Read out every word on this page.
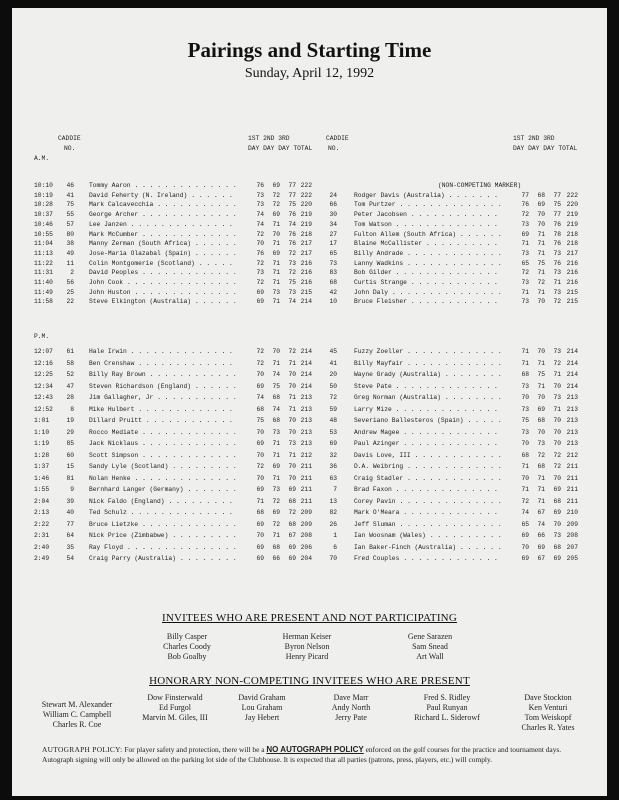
Pairings and Starting Time
Sunday, April 12, 1992
CADDIE
NO.
1ST 2ND 3RD
DAY DAY DAY TOTAL
CADDIE
NO.
1ST 2ND 3RD
DAY DAY DAY TOTAL
A.M.
P.M.
(NON-COMPETING MARKER)
10:10	46 Tommy Aaron . . . . . . . . . . . . . .	76	69	77 222
10:19	41 David Feherty (N. Ireland) . . . . . .	73	72	77 222	24	Rodger Davis (Australia) . . . . . . .	77	68	77 222
10:28	75 Mark Calcavecchia . . . . . . . . . . .	73	72	75 220	66	Tom Purtzer . . . . . . . . . . . . . .	76	69	75 220
10:37	55 George Archer . . . . . . . . . . . . .	74	69	76 219	30	Peter Jacobsen . . . . . . . . . . . .	72	70	77 219
10:46	57 Lee Janzen . . . . . . . . . . . . . .	74	71	74 219	34	Tom Watson . . . . . . . . . . . . . .	73	70	76 219
10:55	80 Mark McCumber . . . . . . . . . . . . .	72	70	76 218	27	Fulton Allem (South Africa) . . . . . .	69	71	78 218
11:04	38 Manny Zerman (South Africa) . . . . . .	70	71	76 217	17	Blaine McCallister . . . . . . . . . .	71	71	76 218
11:13	49 Jose-Maria Olazabal (Spain) . . . . . .	76	69	72 217	65	Billy Andrade . . . . . . . . . . . . .	73	71	73 217
11:22	11 Colin Montgomerie (Scotland) . . . . .	72	71	73 216	73	Lanny Wadkins . . . . . . . . . . . . .	65	75	76 216
11:31	2 David Peoples . . . . . . . . . . . . .	73	71	72 216	83	Bob Gilder . . . . . . . . . . . . . .	72	71	73 216
11:40	56 John Cook . . . . . . . . . . . . . . .	72	71	75 216	68	Curtis Strange . . . . . . . . . . . .	73	72	71 216
11:49	25 John Huston . . . . . . . . . . . . . .	69	73	73 215	42	John Daly . . . . . . . . . . . . . . .	71	71	73 215
11:58	22 Steve Elkington (Australia) . . . . . .	69	71	74 214	10	Bruce Fleisher . . . . . . . . . . . .	73	70	72 215
12:07	61 Hale Irwin . . . . . . . . . . . . . .	72	70	72 214	45	Fuzzy Zoeller . . . . . . . . . . . . .	71	70	73 214
12:16	58 Ben Crenshaw . . . . . . . . . . . . .	72	71	71 214	41	Billy Mayfair . . . . . . . . . . . . .	71	71	72 214
12:25	52 Billy Ray Brown . . . . . . . . . . . .	70	74	70 214	20	Wayne Grady (Australia) . . . . . . . .	68	75	71 214
12:34	47 Steven Richardson (England) . . . . . .	69	75	70 214	50	Steve Pate . . . . . . . . . . . . . .	73	71	70 214
12:43	28 Jim Gallagher, Jr . . . . . . . . . . .	74	68	71 213	72	Greg Norman (Australia) . . . . . . . .	70	70	73 213
12:52	8 Mike Hulbert . . . . . . . . . . . . .	68	74	71 213	59	Larry Mize . . . . . . . . . . . . . .	73	69	71 213
1:01	19 Dillard Pruitt . . . . . . . . . . . .	75	68	70 213	48	Severiano Ballesteros (Spain) . . . . .	75	68	70 213
1:10	29 Rocco Mediate . . . . . . . . . . . . .	70	73	70 213	53	Andrew Magee . . . . . . . . . . . . .	73	70	70 213
1:19	85 Jack Nicklaus . . . . . . . . . . . . .	69	71	73 213	69	Paul Azinger . . . . . . . . . . . . .	70	73	70 213
1:28	60 Scott Simpson . . . . . . . . . . . . .	70	71	71 212	32	Davis Love, III . . . . . . . . . . . .	68	72	72 212
1:37	15 Sandy Lyle (Scotland) . . . . . . . . .	72	69	70 211	36	D.A. Weibring . . . . . . . . . . . . .	71	68	72 211
1:46	81 Nolan Henke . . . . . . . . . . . . . .	70	71	70 211	63	Craig Stadler . . . . . . . . . . . . .	70	71	70 211
1:55	9 Bernhard Langer (Germany) . . . . . . .	69	73	69 211	7	Brad Faxon . . . . . . . . . . . . . .	71	71	69 211
2:04	39 Nick Faldo (England) . . . . . . . . .	71	72	68 211	13	Corey Pavin . . . . . . . . . . . . . .	72	71	68 211
2:13	40 Ted Schulz . . . . . . . . . . . . . .	68	69	72 209	82	Mark O'Meara . . . . . . . . . . . . .	74	67	69 210
2:22	77 Bruce Lietzke . . . . . . . . . . . . .	69	72	68 209	26	Jeff Sluman . . . . . . . . . . . . . .	65	74	70 209
2:31	64 Nick Price (Zimbabwe) . . . . . . . . .	70	71	67 208	1	Ian Woosnam (Wales) . . . . . . . . . .	69	66	73 208
2:40	35 Ray Floyd . . . . . . . . . . . . . . .	69	68	69 206	6	Ian Baker-Finch (Australia) . . . . . .	70	69	68 207
2:49	54 Craig Parry (Australia) . . . . . . . .	69	66	69 204	70	Fred Couples . . . . . . . . . . . . .	69	67	69 205
INVITEES WHO ARE PRESENT AND NOT PARTICIPATING
Billy Casper
Charles Coody
Bob Goalby
Herman Keiser
Byron Nelson
Henry Picard
Gene Sarazen
Sam Snead
Art Wall
HONORARY NON-COMPETING INVITEES WHO ARE PRESENT
Stewart M. Alexander
William C. Campbell
Charles R. Coe
Dow Finsterwald
Ed Furgol
Marvin M. Giles, III
David Graham
Lou Graham
Jay Hebert
Dave Marr
Andy North
Jerry Pate
Fred S. Ridley
Paul Runyan
Richard L. Siderowf
Dave Stockton
Ken Venturi
Tom Weiskopf
Charles R. Yates
AUTOGRAPH POLICY: For player safety and protection, there will be a NO AUTOGRAPH POLICY enforced on the golf courses for the practice and tournament days. Autograph signing will only be allowed on the parking lot side of the Clubhouse. It is expected that all parties (patrons, press, players, etc.) will comply.
